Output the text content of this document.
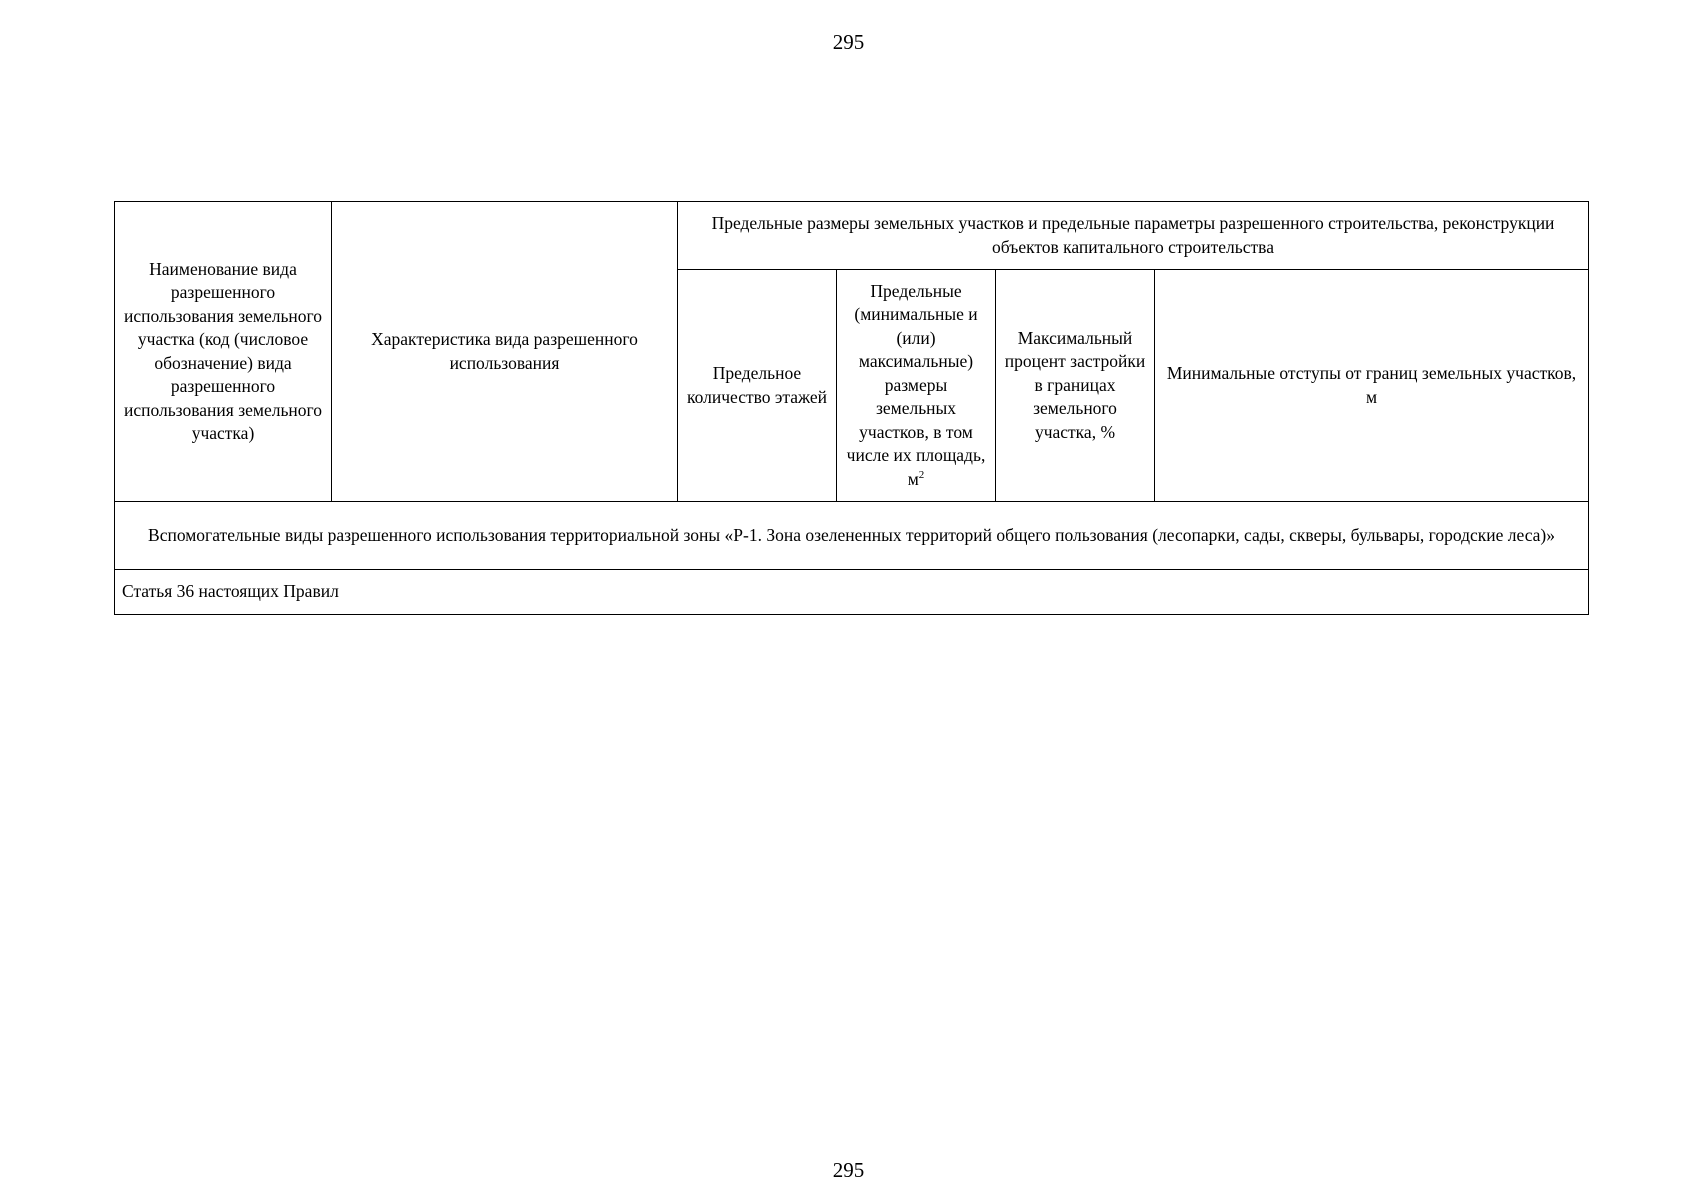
295
Наименование вида разрешенного использования земельного участка (код (числовое обозначение) вида разрешенного использования земельного участка)	Характеристика вида разрешенного использования	Предельные размеры земельных участков и предельные параметры разрешенного строительства, реконструкции объектов капитального строительства			
		Предельное количество этажей	Предельные (минимальные и (или) максимальные) размеры земельных участков, в том числе их площадь, $м^2$	Максимальный процент застройки в границах земельного участка, %	Минимальные отступы от границ земельных участков, м
Вспомогательные виды разрешенного использования территориальной зоны «Р-1. Зона озелененных территорий общего пользования (лесопарки, сады, скверы, бульвары, городские леса)»					
Статья 36 настоящих Правил					
295
